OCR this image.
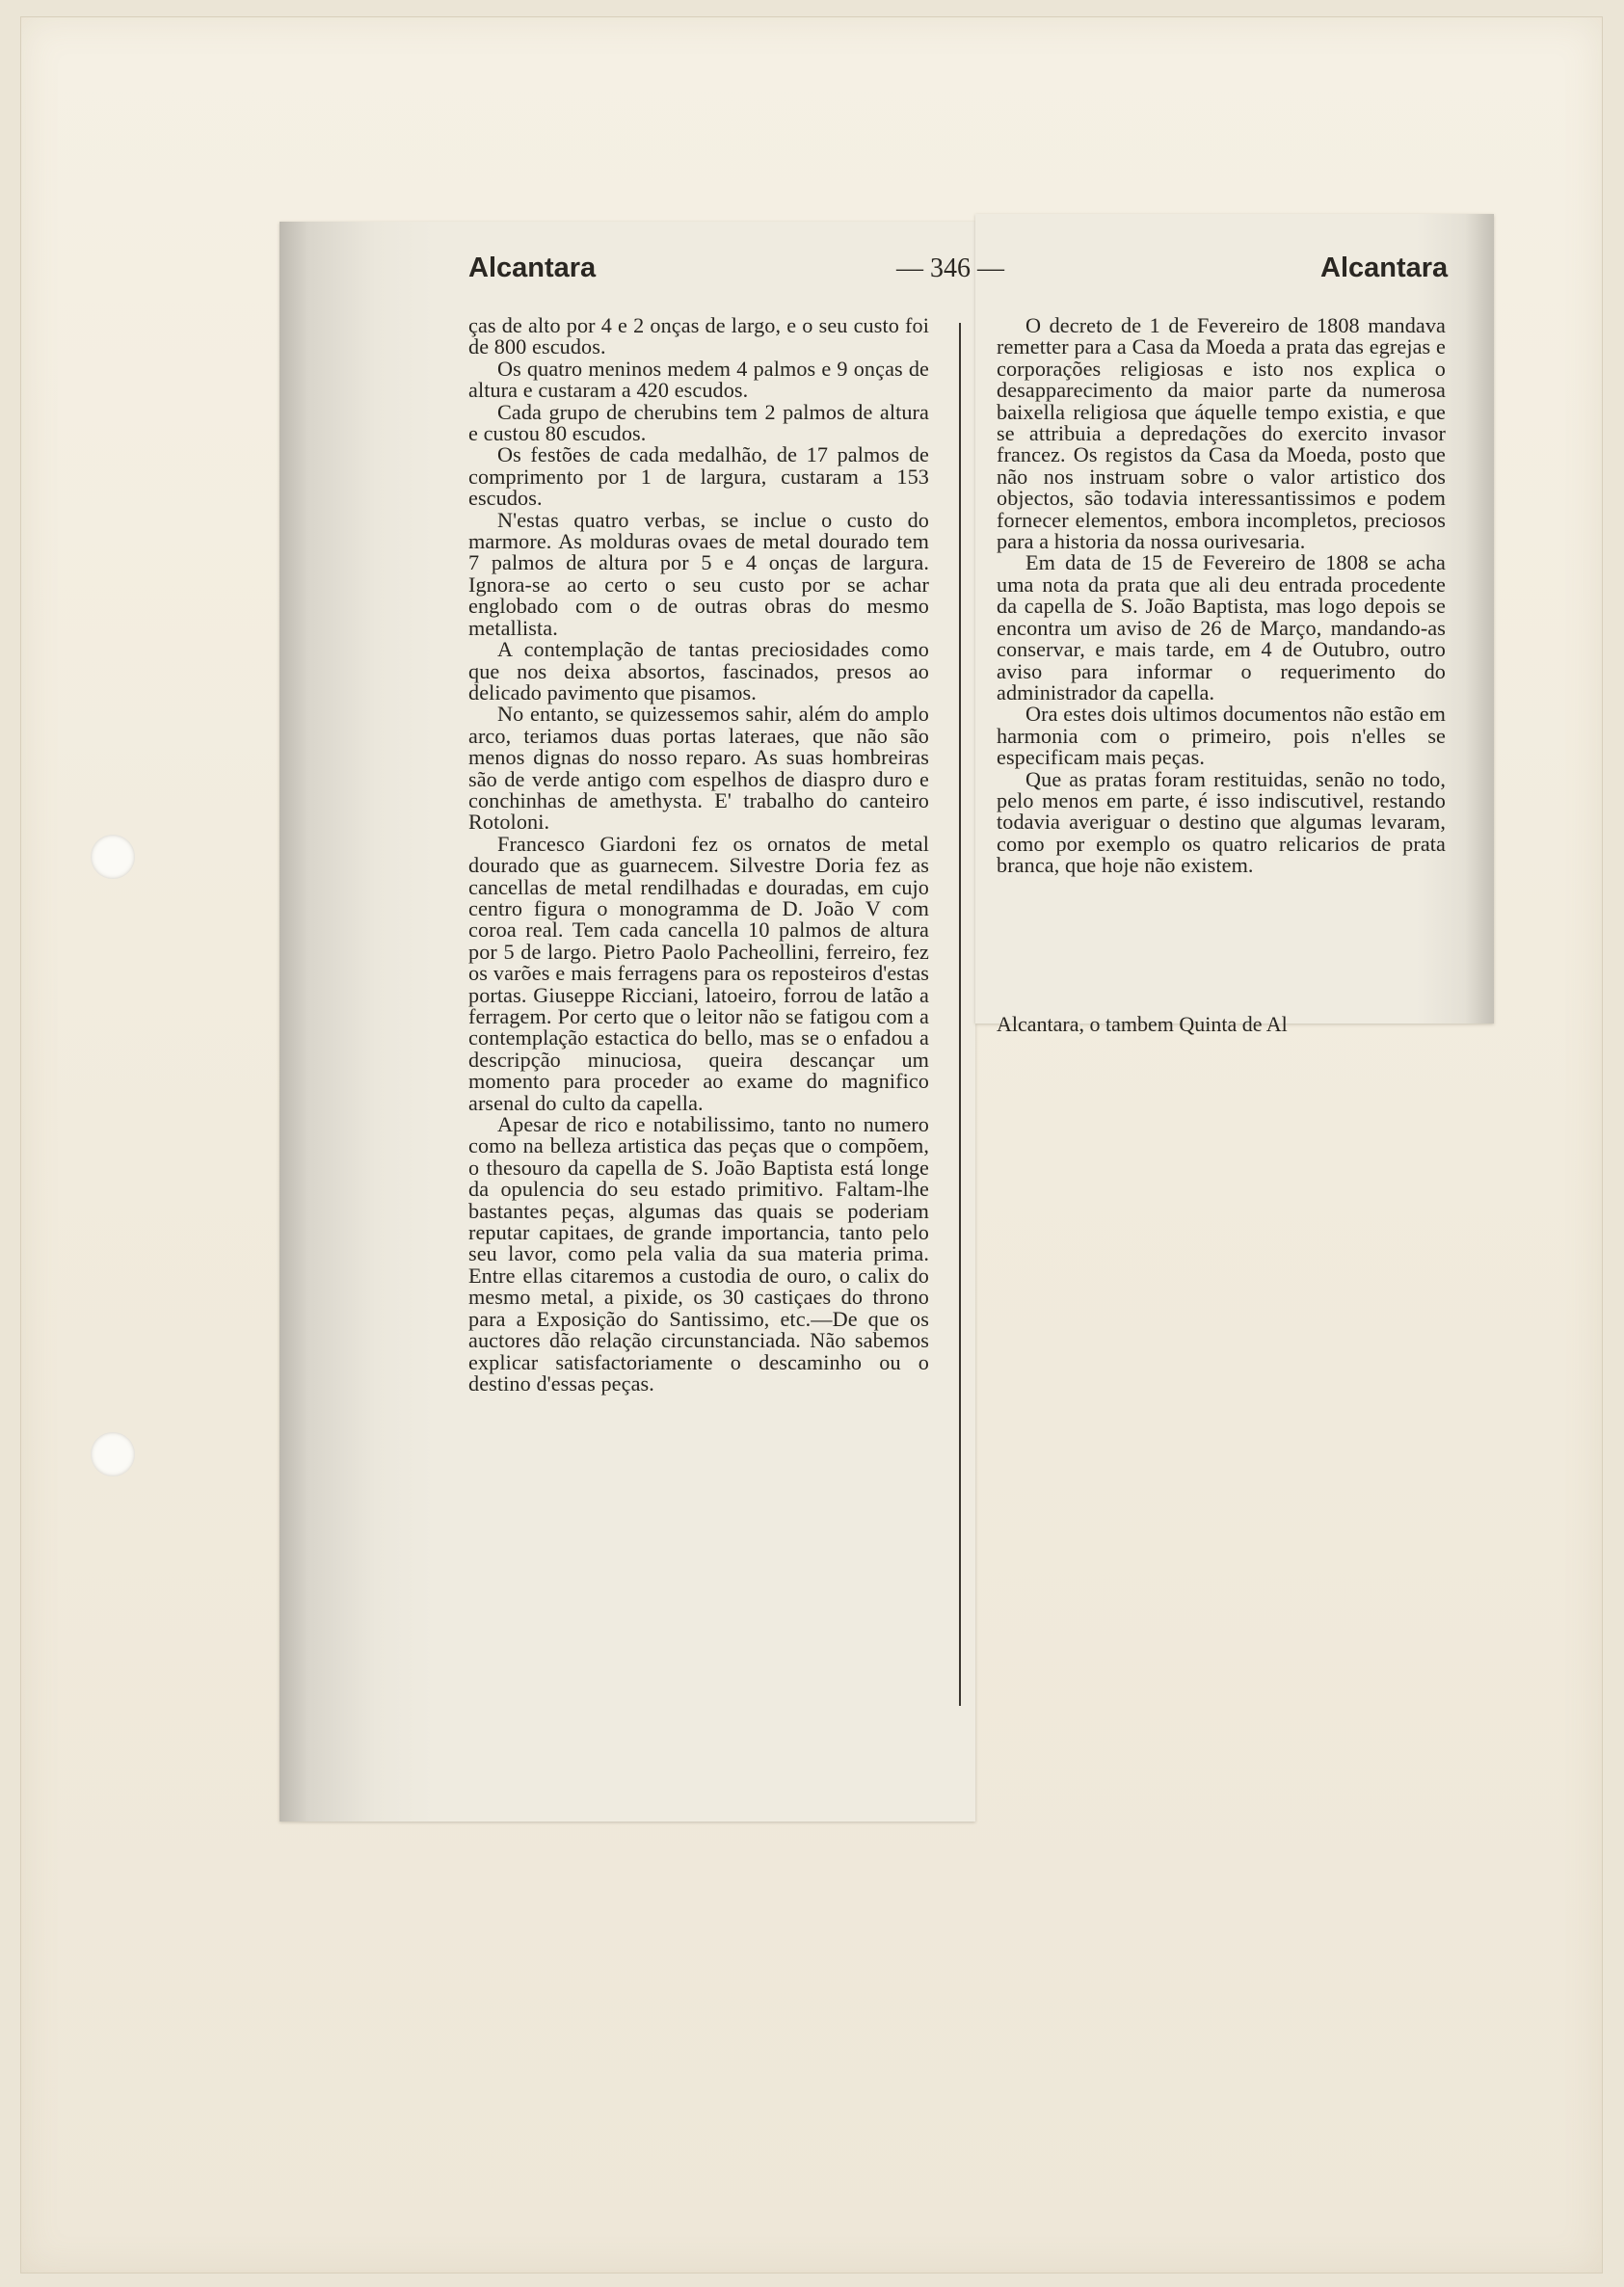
Alcantara	— 346 —	Alcantara

ças de alto por 4 e 2 onças de largo, e o seu custo foi de 800 escudos.

Os quatro meninos medem 4 palmos e 9 onças de altura e custaram a 420 escudos.

Cada grupo de cherubins tem 2 palmos de altura e custou 80 escudos.

Os festões de cada medalhão, de 17 palmos de comprimento por 1 de largura, custaram a 153 escudos.

N'estas quatro verbas, se inclue o custo do marmore. As molduras ovaes de metal dourado tem 7 palmos de altura por 5 e 4 onças de largura. Ignora-se ao certo o seu custo por se achar englobado com o de outras obras do mesmo metallista.

A contemplação de tantas preciosidades como que nos deixa absortos, fascinados, presos ao delicado pavimento que pisamos.

No entanto, se quizessemos sahir, além do amplo arco, teriamos duas portas lateraes, que não são menos dignas do nosso reparo. As suas hombreiras são de verde antigo com espelhos de diaspro duro e conchinhas de amethysta. E' trabalho do canteiro Rotoloni.

Francesco Giardoni fez os ornatos de metal dourado que as guarnecem. Silvestre Doria fez as cancellas de metal rendilhadas e douradas, em cujo centro figura o monogramma de D. João V com coroa real. Tem cada cancella 10 palmos de altura por 5 de largo. Pietro Paolo Pacheollini, ferreiro, fez os varões e mais ferragens para os reposteiros d'estas portas. Giuseppe Ricciani, latoeiro, forrou de latão a ferragem. Por certo que o leitor não se fatigou com a contemplação estactica do bello, mas se o enfadou a descripção minuciosa, queira descançar um momento para proceder ao exame do magnifico arsenal do culto da capella.

Apesar de rico e notabilissimo, tanto no numero como na belleza artistica das peças que o compõem, o thesouro da capella de S. João Baptista está longe da opulencia do seu estado primitivo. Faltam-lhe bastantes peças, algumas das quais se poderiam reputar capitaes, de grande importancia, tanto pelo seu lavor, como pela valia da sua materia prima. Entre ellas citaremos a custodia de ouro, o calix do mesmo metal, a pixide, os 30 castiçaes do throno para a Exposição do Santissimo, etc.—De que os auctores dão relação circunstanciada. Não sabemos explicar satisfactoriamente o descaminho ou o destino d'essas peças.

O decreto de 1 de Fevereiro de 1808 mandava remetter para a Casa da Moeda a prata das egrejas e corporações religiosas e isto nos explica o desapparecimento da maior parte da numerosa baixella religiosa que áquelle tempo existia, e que se attribuia a depredações do exercito invasor francez. Os registos da Casa da Moeda, posto que não nos instruam sobre o valor artistico dos objectos, são todavia interessantissimos e podem fornecer elementos, embora incompletos, preciosos para a historia da nossa ourivesaria.

Em data de 15 de Fevereiro de 1808 se acha uma nota da prata que ali deu entrada procedente da capella de S. João Baptista, mas logo depois se encontra um aviso de 26 de Março, mandando-as conservar, e mais tarde, em 4 de Outubro, outro aviso para informar o requerimento do administrador da capella.

Ora estes dois ultimos documentos não estão em harmonia com o primeiro, pois n'elles se especificam mais peças.

Que as pratas foram restituidas, senão no todo, pelo menos em parte, é isso indiscutivel, restando todavia averiguar o destino que algumas levaram, como por exemplo os quatro relicarios de prata branca, que hoje não existem.
